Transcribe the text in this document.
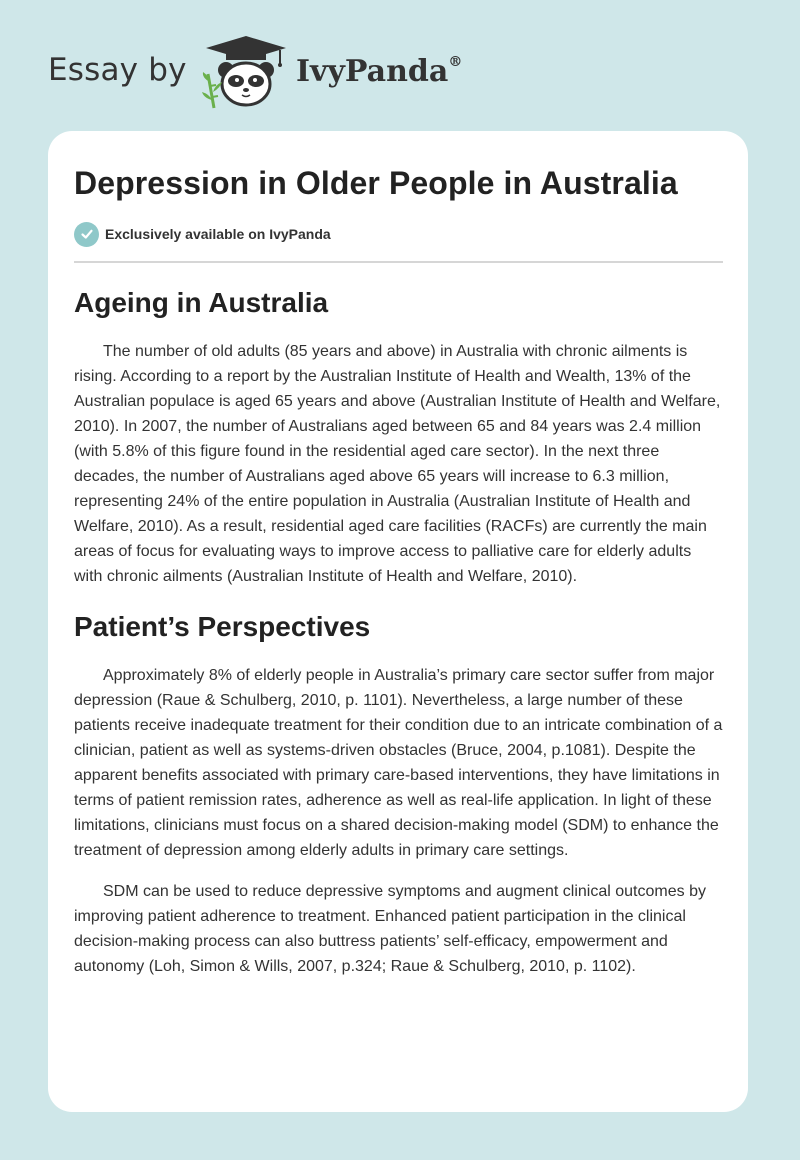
Essay by	IvyPanda®
Depression in Older People in Australia
Exclusively available on IvyPanda
Ageing in Australia

The number of old adults (85 years and above) in Australia with chronic ailments is rising. According to a report by the Australian Institute of Health and Wealth, 13% of the Australian populace is aged 65 years and above (Australian Institute of Health and Welfare, 2010). In 2007, the number of Australians aged between 65 and 84 years was 2.4 million (with 5.8% of this figure found in the residential aged care sector). In the next three decades, the number of Australians aged above 65 years will increase to 6.3 million, representing 24% of the entire population in Australia (Australian Institute of Health and Welfare, 2010). As a result, residential aged care facilities (RACFs) are currently the main areas of focus for evaluating ways to improve access to palliative care for elderly adults with chronic ailments (Australian Institute of Health and Welfare, 2010).

Patient’s Perspectives

Approximately 8% of elderly people in Australia’s primary care sector suffer from major depression (Raue & Schulberg, 2010, p. 1101). Nevertheless, a large number of these patients receive inadequate treatment for their condition due to an intricate combination of a clinician, patient as well as systems-driven obstacles (Bruce, 2004, p.1081). Despite the apparent benefits associated with primary care-based interventions, they have limitations in terms of patient remission rates, adherence as well as real-life application. In light of these limitations, clinicians must focus on a shared decision-making model (SDM) to enhance the treatment of depression among elderly adults in primary care settings.

SDM can be used to reduce depressive symptoms and augment clinical outcomes by improving patient adherence to treatment. Enhanced patient participation in the clinical decision-making process can also buttress patients’ self-efficacy, empowerment and autonomy (Loh, Simon & Wills, 2007, p.324; Raue & Schulberg, 2010, p. 1102).
